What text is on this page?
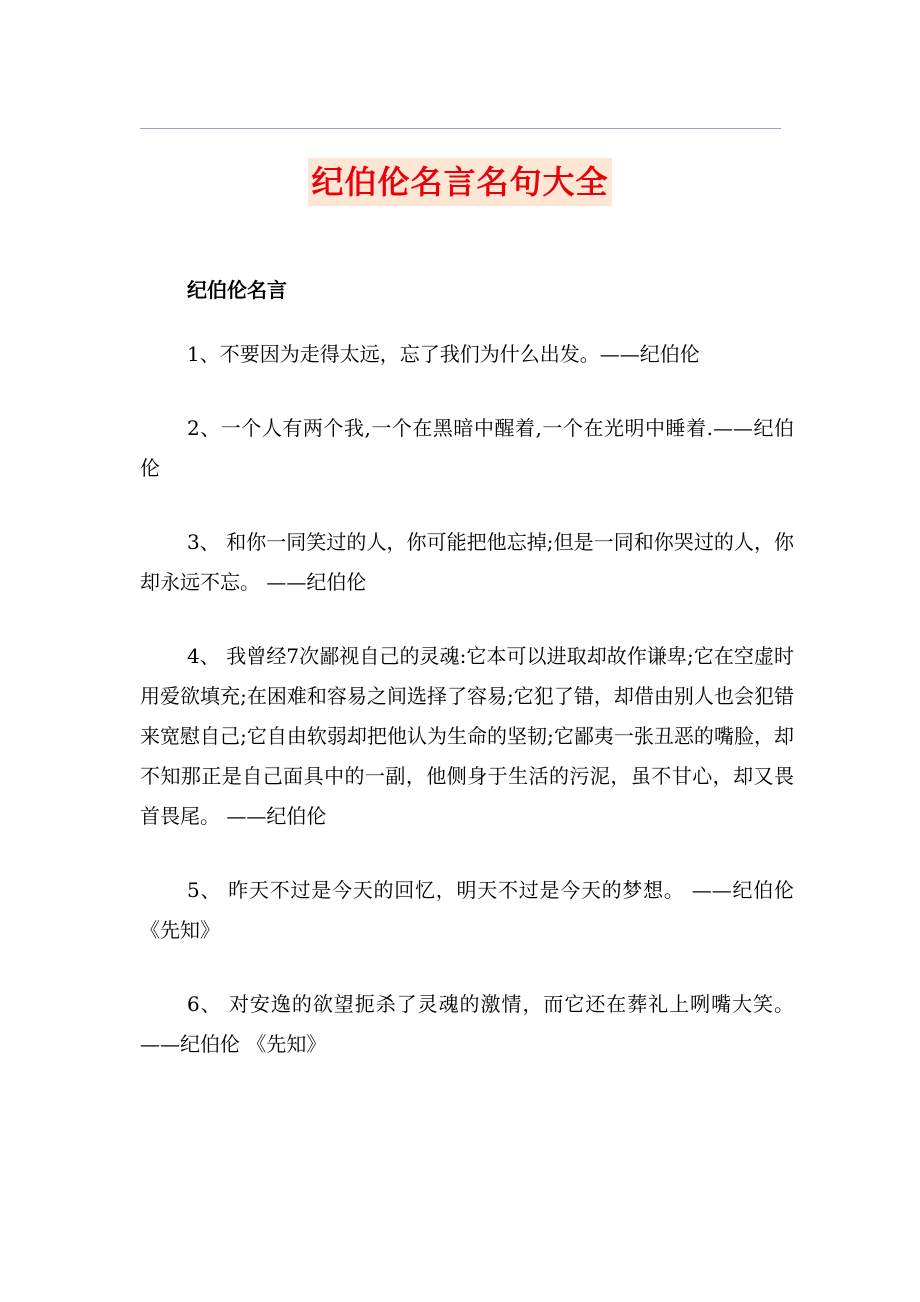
纪伯伦名言名句大全
纪伯伦名言
1、不要因为走得太远，忘了我们为什么出发。——纪伯伦
2、一个人有两个我,一个在黑暗中醒着,一个在光明中睡着.——纪伯伦
3、 和你一同笑过的人，你可能把他忘掉;但是一同和你哭过的人，你却永远不忘。 ——纪伯伦
4、 我曾经7次鄙视自己的灵魂:它本可以进取却故作谦卑;它在空虚时用爱欲填充;在困难和容易之间选择了容易;它犯了错，却借由别人也会犯错来宽慰自己;它自由软弱却把他认为生命的坚韧;它鄙夷一张丑恶的嘴脸，却不知那正是自己面具中的一副，他侧身于生活的污泥，虽不甘心，却又畏首畏尾。 ——纪伯伦
5、 昨天不过是今天的回忆，明天不过是今天的梦想。 ——纪伯伦 《先知》
6、 对安逸的欲望扼杀了灵魂的激情，而它还在葬礼上咧嘴大笑。 ——纪伯伦 《先知》
